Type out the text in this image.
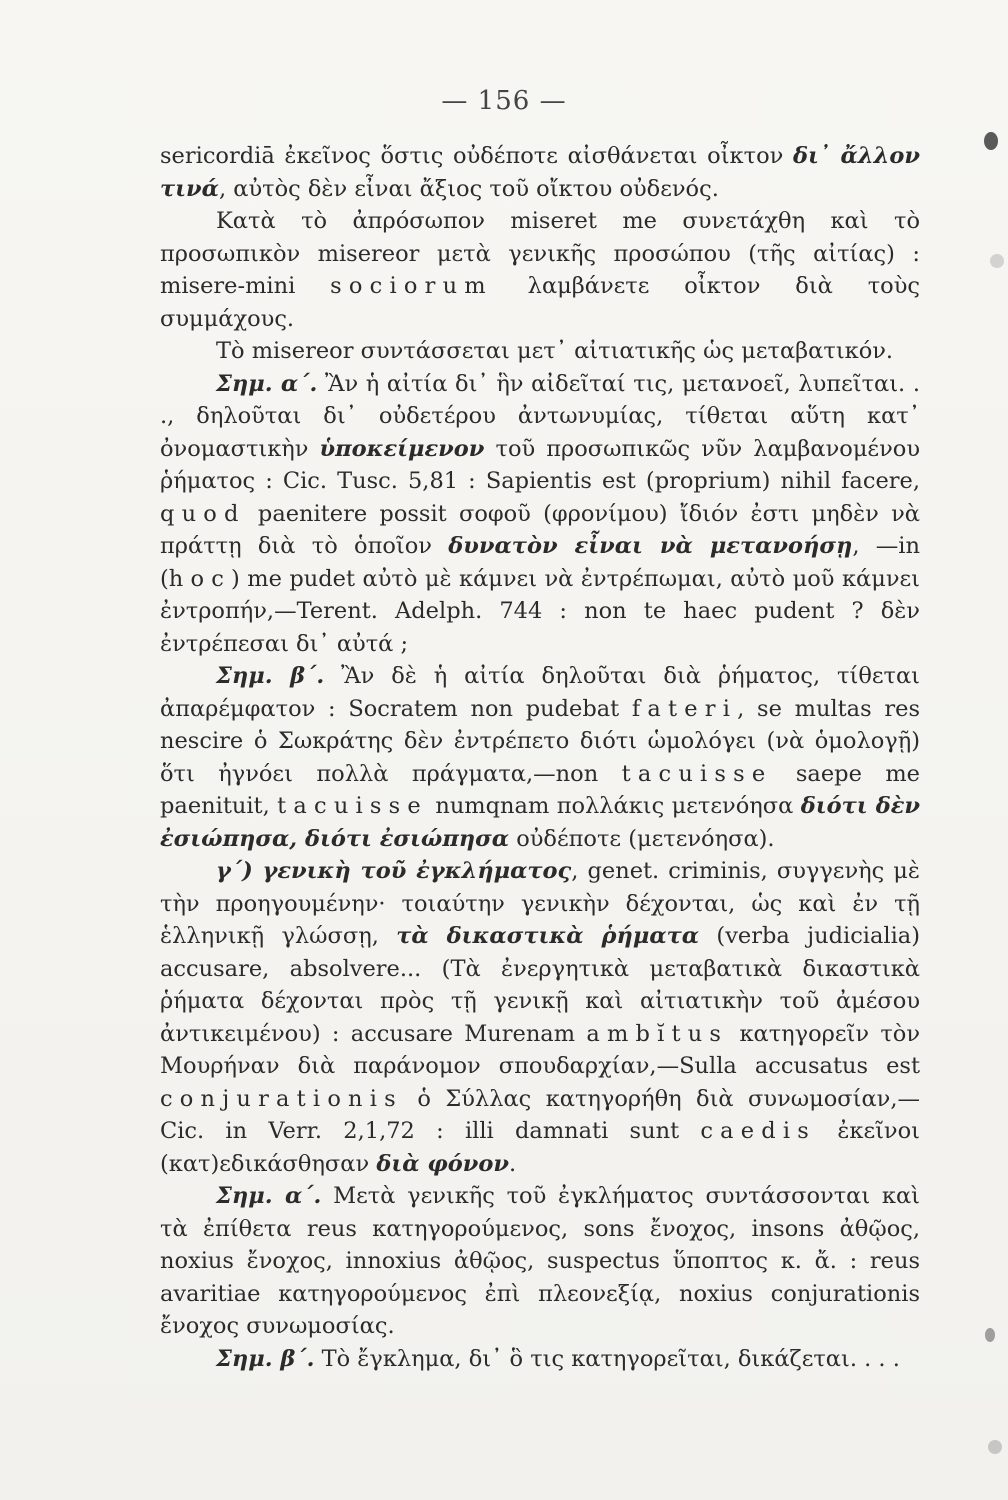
— 156 —

sericordiā ἐκεῖνος ὅστις οὐδέποτε αἰσθάνεται οἶκτον δι᾽ ἄλλον τινά, αὐτὸς δὲν εἶναι ἄξιος τοῦ οἴκτου οὐδενός.

Κατὰ τὸ ἀπρόσωπον miseret me συνετάχθη καὶ τὸ προσωπικὸν misereor μετὰ γενικῆς προσώπου (τῆς αἰτίας) : misere-mini sociorum λαμβάνετε οἶκτον διὰ τοὺς συμμάχους.

Τὸ misereor συντάσσεται μετ᾽ αἰτιατικῆς ὡς μεταβατικόν.

Σημ. α΄. Ἂν ἡ αἰτία δι᾽ ἣν αἰδεῖταί τις, μετανοεῖ, λυπεῖται. . ., δηλοῦται δι᾽ οὐδετέρου ἀντωνυμίας, τίθεται αὕτη κατ᾽ ὀνομαστικὴν ὑποκείμενον τοῦ προσωπικῶς νῦν λαμβανομένου ῥήματος : Cic. Tusc. 5,81 : Sapientis est (proprium) nihil facere, quod paenitere possit σοφοῦ (φρονίμου) ἴδιόν ἐστι μηδὲν νὰ πράττῃ διὰ τὸ ὁποῖον δυνατὸν εἶναι νὰ μετανοήσῃ, —in (hoc) me pudet αὐτὸ μὲ κάμνει νὰ ἐντρέπωμαι, αὐτὸ μοῦ κάμνει ἐντροπήν,—Terent. Adelph. 744 : non te haec pudent ? δὲν ἐντρέπεσαι δι᾽ αὐτά ;

Σημ. β΄. Ἂν δὲ ἡ αἰτία δηλοῦται διὰ ῥήματος, τίθεται ἀπαρέμφατον : Socratem non pudebat fateri, se multas res nescire ὁ Σωκράτης δὲν ἐντρέπετο διότι ὡμολόγει (νὰ ὁμολογῇ) ὅτι ἠγνόει πολλὰ πράγματα,—non tacuisse saepe me paenituit, tacuisse numqnam πολλάκις μετενόησα διότι δὲν ἐσιώπησα, διότι ἐσιώπησα οὐδέποτε (μετενόησα).

γ΄) γενικὴ τοῦ ἐγκλήματος, genet. criminis, συγγενὴς μὲ τὴν προηγουμένην· τοιαύτην γενικὴν δέχονται, ὡς καὶ ἐν τῇ ἑλληνικῇ γλώσσῃ, τὰ δικαστικὰ ῥήματα (verba judicialia) accusare, absolvere... (Τὰ ἐνεργητικὰ μεταβατικὰ δικαστικὰ ῥήματα δέχονται πρὸς τῇ γενικῇ καὶ αἰτιατικὴν τοῦ ἀμέσου ἀντικειμένου) : accusare Murenam ambĭtus κατηγορεῖν τὸν Μουρήναν διὰ παράνομον σπουδαρχίαν,—Sulla accusatus est conjurationis ὁ Σύλλας κατηγορήθη διὰ συνωμοσίαν,—Cic. in Verr. 2,1,72 : illi damnati sunt caedis ἐκεῖνοι (κατ)εδικάσθησαν διὰ φόνον.

Σημ. α΄. Μετὰ γενικῆς τοῦ ἐγκλήματος συντάσσονται καὶ τὰ ἐπίθετα reus κατηγορούμενος, sons ἔνοχος, insons ἀθῷος, noxius ἔνοχος, innoxius ἀθῷος, suspectus ὕποπτος κ. ἄ. : reus avaritiae κατηγορούμενος ἐπὶ πλεονεξίᾳ, noxius conjurationis ἔνοχος συνωμοσίας.

Σημ. β΄. Τὸ ἔγκλημα, δι᾽ ὃ τις κατηγορεῖται, δικάζεται. . . .
